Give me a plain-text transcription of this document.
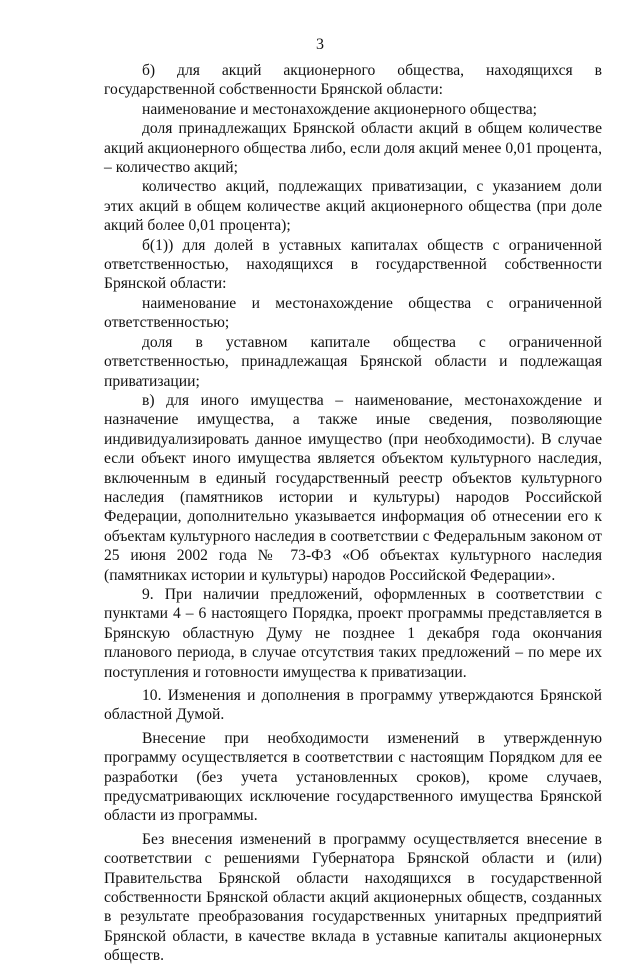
3

б) для акций акционерного общества, находящихся в государственной собственности Брянской области:

наименование и местонахождение акционерного общества;

доля принадлежащих Брянской области акций в общем количестве акций акционерного общества либо, если доля акций менее 0,01 процента, – количество акций;

количество акций, подлежащих приватизации, с указанием доли этих акций в общем количестве акций акционерного общества (при доле акций более 0,01 процента);

б(1)) для долей в уставных капиталах обществ с ограниченной ответственностью, находящихся в государственной собственности Брянской области:

наименование и местонахождение общества с ограниченной ответственностью;

доля в уставном капитале общества с ограниченной ответственностью, принадлежащая Брянской области и подлежащая приватизации;

в) для иного имущества – наименование, местонахождение и назначение имущества, а также иные сведения, позволяющие индивидуализировать данное имущество (при необходимости). В случае если объект иного имущества является объектом культурного наследия, включенным в единый государственный реестр объектов культурного наследия (памятников истории и культуры) народов Российской Федерации, дополнительно указывается информация об отнесении его к объектам культурного наследия в соответствии с Федеральным законом от 25 июня 2002 года № 73-ФЗ «Об объектах культурного наследия (памятниках истории и культуры) народов Российской Федерации».

9. При наличии предложений, оформленных в соответствии с пунктами 4 – 6 настоящего Порядка, проект программы представляется в Брянскую областную Думу не позднее 1 декабря года окончания планового периода, в случае отсутствия таких предложений – по мере их поступления и готовности имущества к приватизации.

10. Изменения и дополнения в программу утверждаются Брянской областной Думой.

Внесение при необходимости изменений в утвержденную программу осуществляется в соответствии с настоящим Порядком для ее разработки (без учета установленных сроков), кроме случаев, предусматривающих исключение государственного имущества Брянской области из программы.

Без внесения изменений в программу осуществляется внесение в соответствии с решениями Губернатора Брянской области и (или) Правительства Брянской области находящихся в государственной собственности Брянской области акций акционерных обществ, созданных в результате преобразования государственных унитарных предприятий Брянской области, в качестве вклада в уставные капиталы акционерных обществ.
